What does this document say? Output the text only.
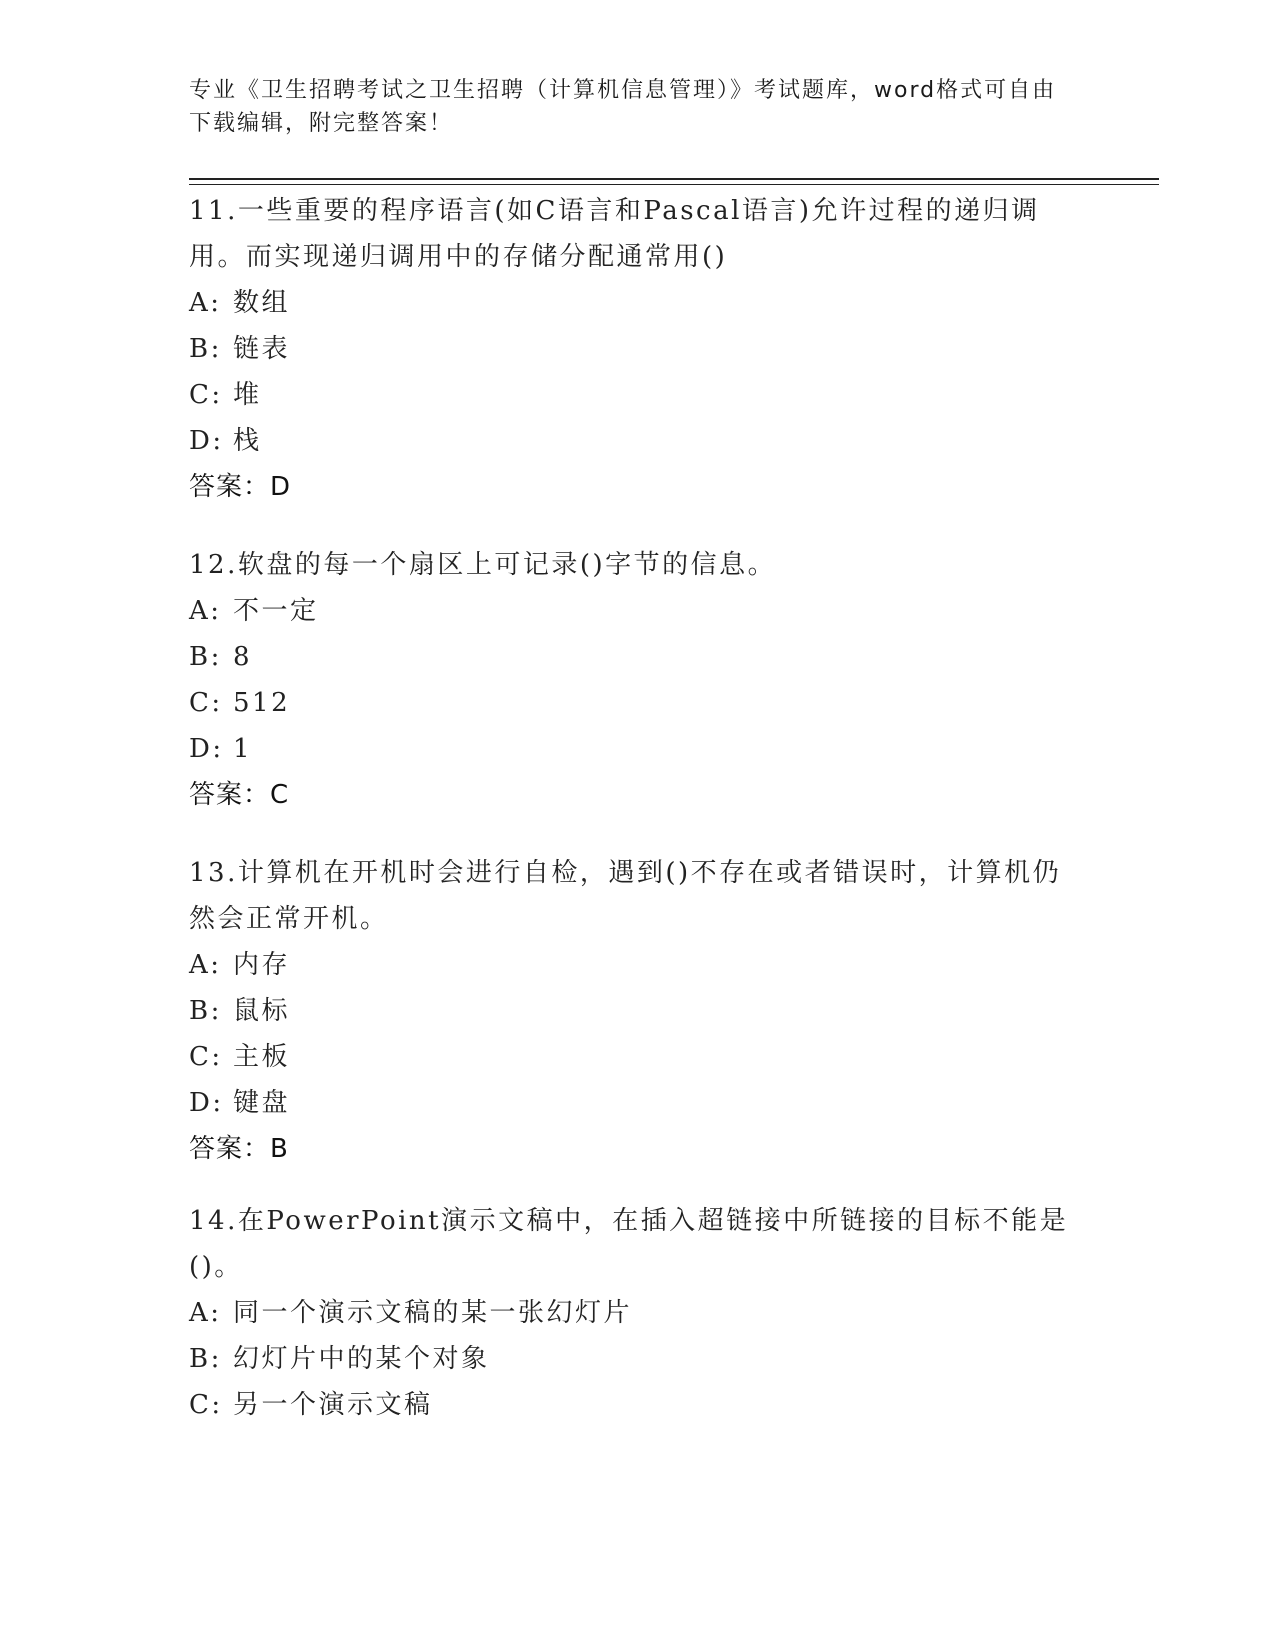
专业《卫生招聘考试之卫生招聘（计算机信息管理）》考试题库，word格式可自由下载编辑，附完整答案！
11.一些重要的程序语言(如C语言和Pascal语言)允许过程的递归调用。而实现递归调用中的存储分配通常用()
A: 数组
B: 链表
C: 堆
D: 栈
答案：D
12.软盘的每一个扇区上可记录()字节的信息。
A: 不一定
B: 8
C: 512
D: 1
答案：C
13.计算机在开机时会进行自检，遇到()不存在或者错误时，计算机仍然会正常开机。
A: 内存
B: 鼠标
C: 主板
D: 键盘
答案：B
14.在PowerPoint演示文稿中，在插入超链接中所链接的目标不能是()。
A: 同一个演示文稿的某一张幻灯片
B: 幻灯片中的某个对象
C: 另一个演示文稿
